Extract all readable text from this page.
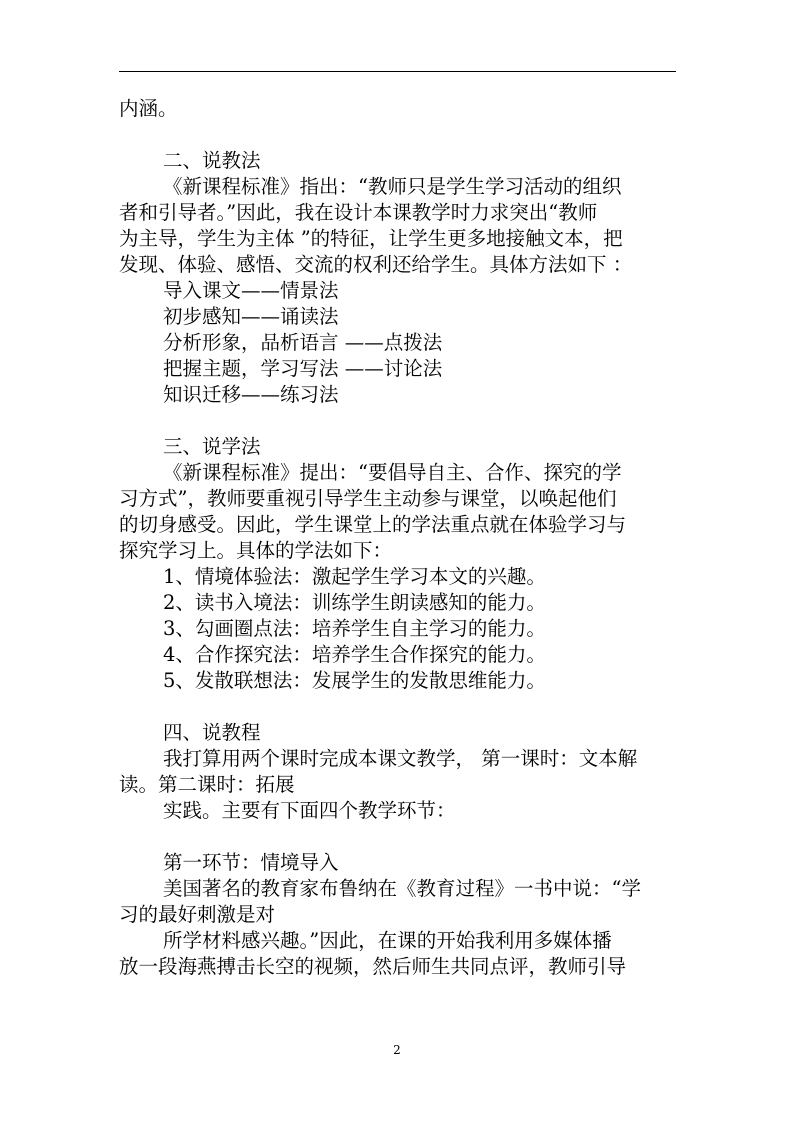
内涵。
二、说教法
《新课程标准》指出：“教师只是学生学习活动的组织
者和引导者。”因此，我在设计本课教学时力求突出“教师
为主导，学生为主体 ”的特征，让学生更多地接触文本，把
发现、体验、感悟、交流的权利还给学生。具体方法如下 ：
导入课文——情景法
初步感知——诵读法
分析形象，品析语言 ——点拨法
把握主题，学习写法 ——讨论法
知识迁移——练习法
三、说学法
《新课程标准》提出：“要倡导自主、合作、探究的学
习方式”，教师要重视引导学生主动参与课堂，以唤起他们
的切身感受。因此，学生课堂上的学法重点就在体验学习与
探究学习上。具体的学法如下：
1、情境体验法：激起学生学习本文的兴趣。
2、读书入境法：训练学生朗读感知的能力。
3、勾画圈点法：培养学生自主学习的能力。
4、合作探究法：培养学生合作探究的能力。
5、发散联想法：发展学生的发散思维能力。
四、说教程
我打算用两个课时完成本课文教学， 第一课时：文本解
读。第二课时：拓展
实践。主要有下面四个教学环节：
第一环节：情境导入
美国著名的教育家布鲁纳在《教育过程》一书中说：“学
习的最好刺激是对
所学材料感兴趣。”因此，在课的开始我利用多媒体播
放一段海燕搏击长空的视频，然后师生共同点评，教师引导
2
